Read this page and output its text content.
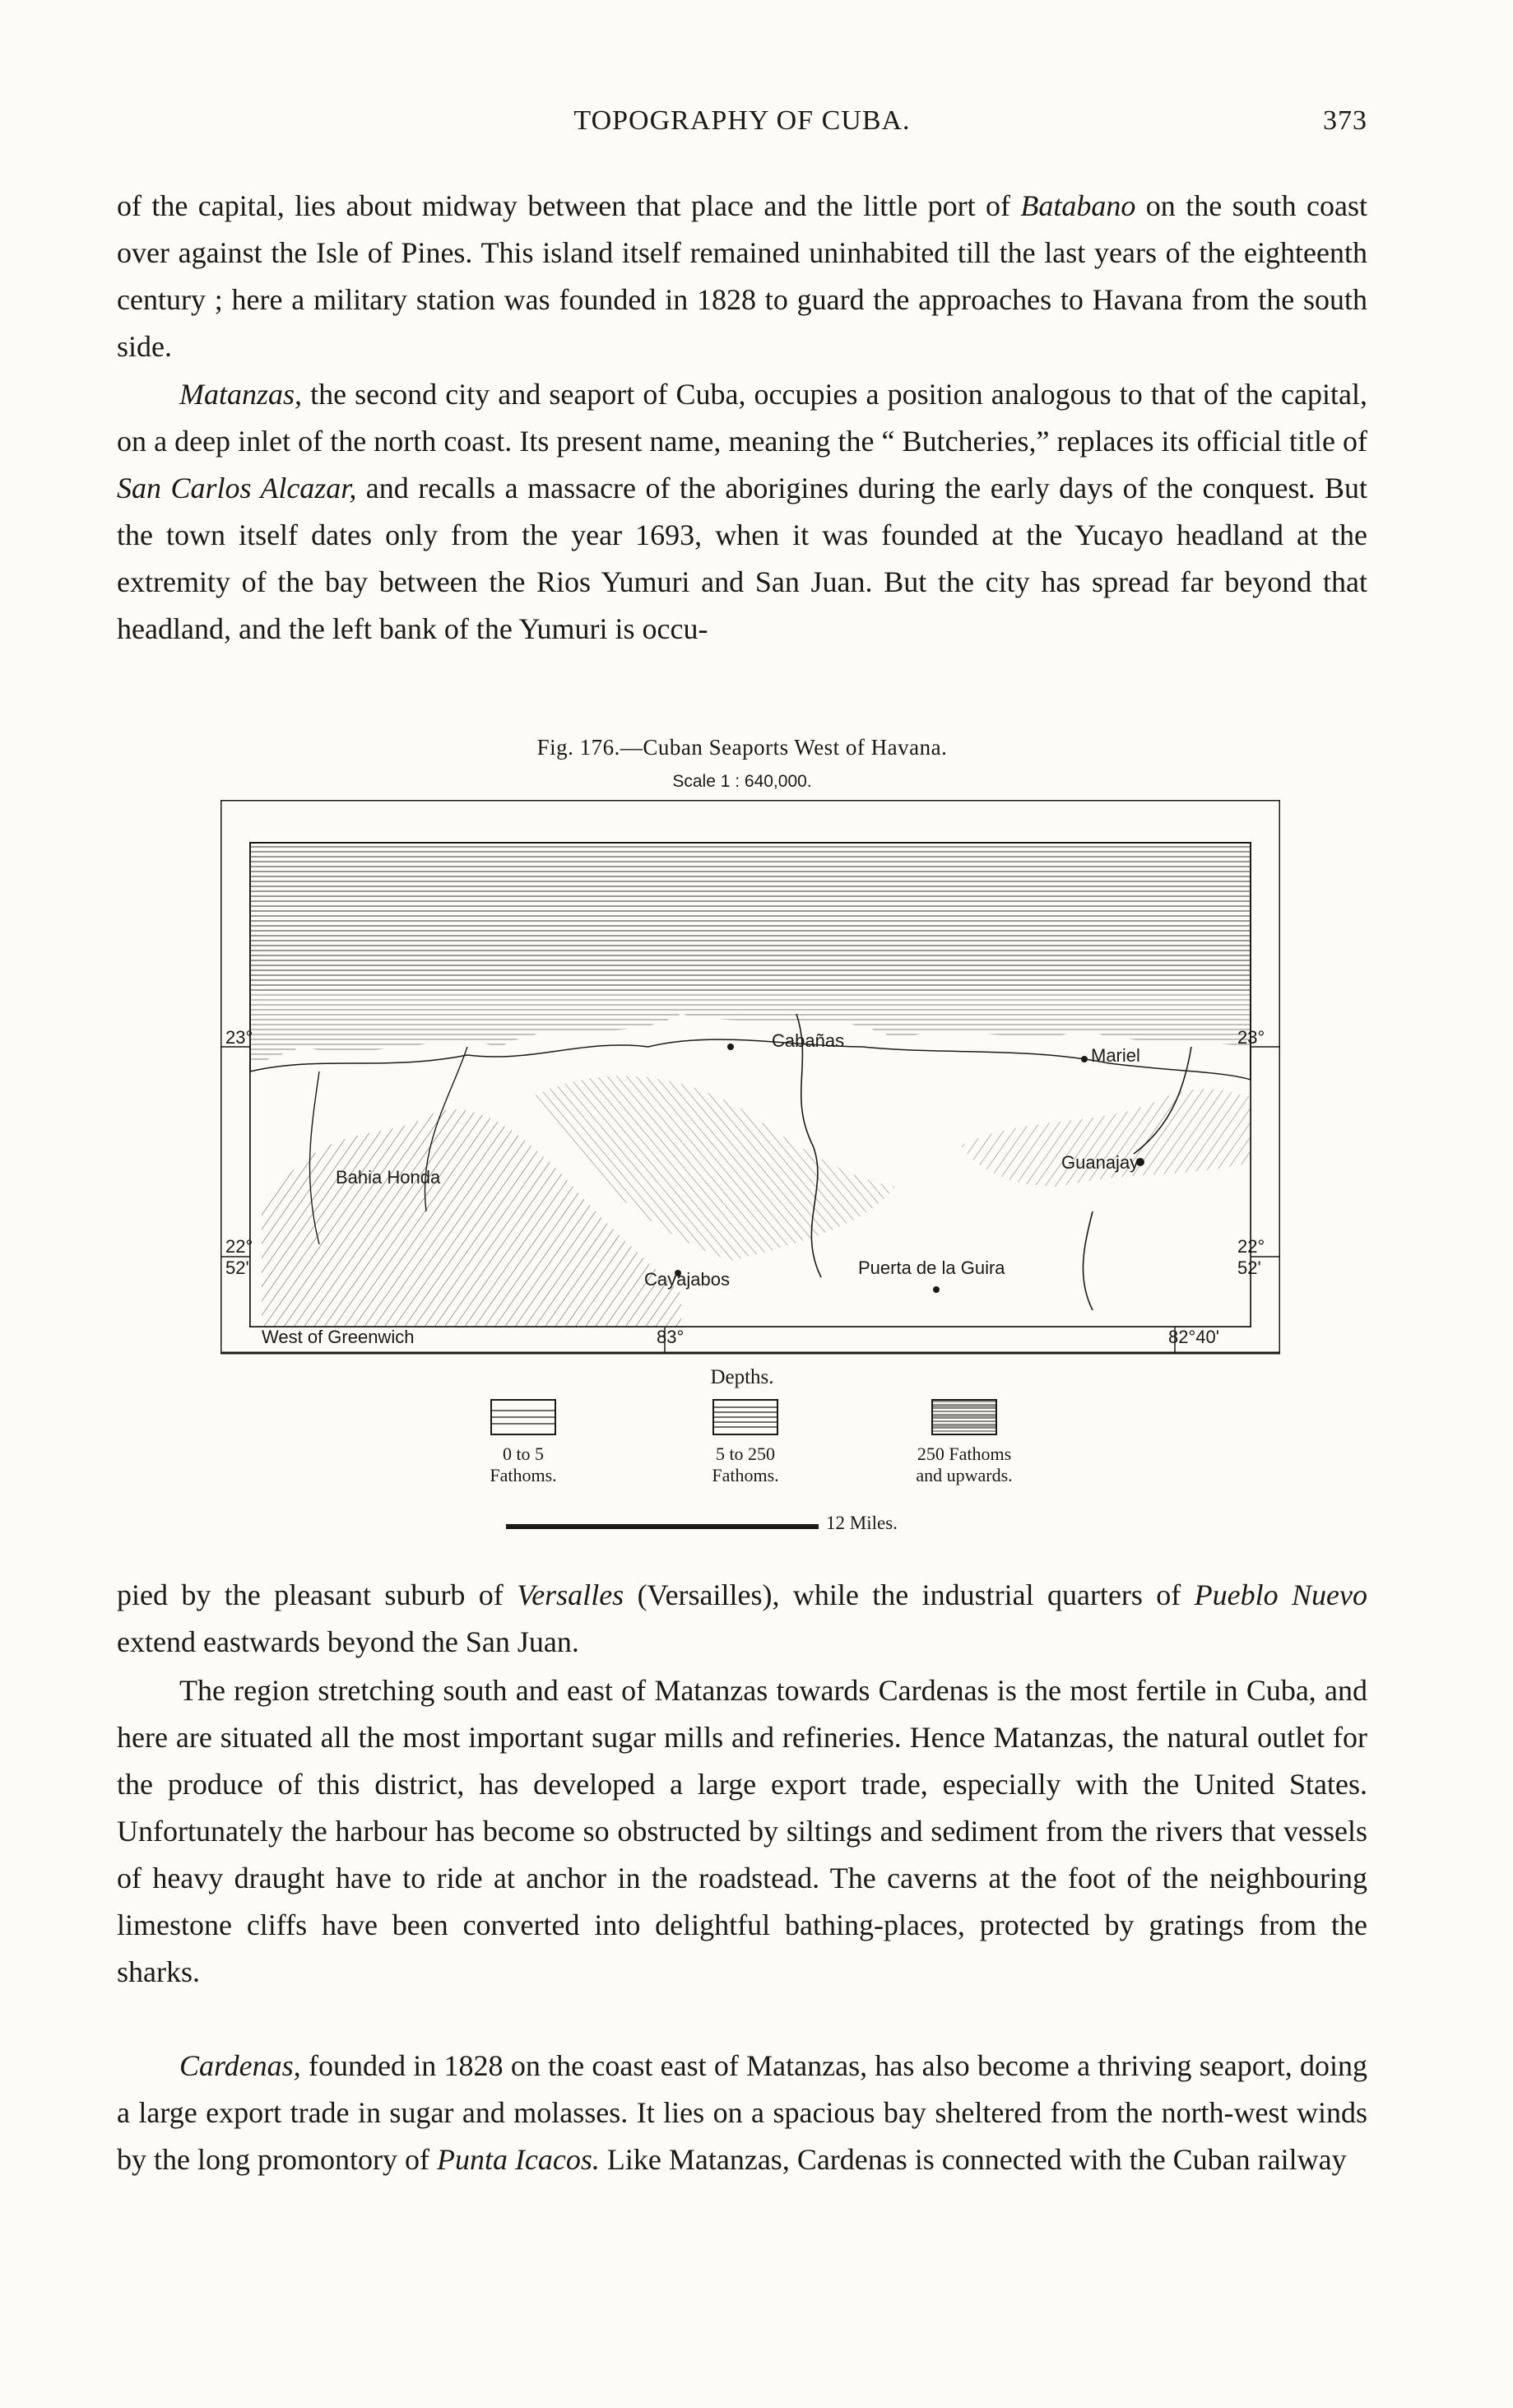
TOPOGRAPHY OF CUBA.	373

of the capital, lies about midway between that place and the little port of Batabano on the south coast over against the Isle of Pines. This island itself remained uninhabited till the last years of the eighteenth century ; here a military station was founded in 1828 to guard the approaches to Havana from the south side.

Matanzas, the second city and seaport of Cuba, occupies a position analogous to that of the capital, on a deep inlet of the north coast. Its present name, meaning the “ Butcheries,” replaces its official title of San Carlos Alcazar, and recalls a massacre of the aborigines during the early days of the conquest. But the town itself dates only from the year 1693, when it was founded at the Yucayo headland at the extremity of the bay between the Rios Yumuri and San Juan. But the city has spread far beyond that headland, and the left bank of the Yumuri is occu-

Fig. 176.—Cuban Seaports West of Havana.
Scale 1 : 640,000.
23°	23°
22°
52'
22°
52'
West of Greenwich	83°	82°40'
Cabañas
Mariel
Bahia Honda
Guanajay
Cayajabos
Puerta de la Guira
Depths.
0 to 5
Fathoms.
5 to 250
Fathoms.
250 Fathoms
and upwards.
12 Miles.

pied by the pleasant suburb of Versalles (Versailles), while the industrial quarters of Pueblo Nuevo extend eastwards beyond the San Juan.

The region stretching south and east of Matanzas towards Cardenas is the most fertile in Cuba, and here are situated all the most important sugar mills and refineries. Hence Matanzas, the natural outlet for the produce of this district, has developed a large export trade, especially with the United States. Unfortunately the harbour has become so obstructed by siltings and sediment from the rivers that vessels of heavy draught have to ride at anchor in the roadstead. The caverns at the foot of the neighbouring limestone cliffs have been converted into delightful bathing-places, protected by gratings from the sharks.

Cardenas, founded in 1828 on the coast east of Matanzas, has also become a thriving seaport, doing a large export trade in sugar and molasses. It lies on a spacious bay sheltered from the north-west winds by the long promontory of Punta Icacos. Like Matanzas, Cardenas is connected with the Cuban railway
